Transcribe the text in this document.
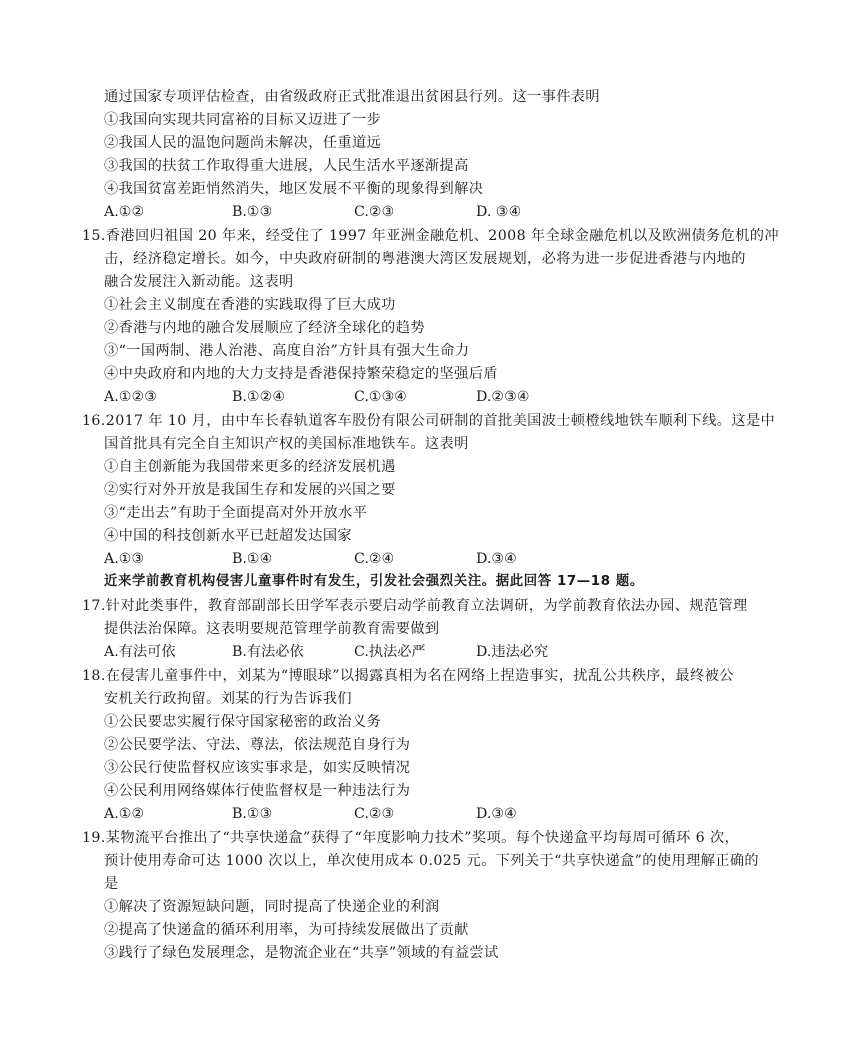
通过国家专项评估检查，由省级政府正式批准退出贫困县行列。这一事件表明
①我国向实现共同富裕的目标又迈进了一步
②我国人民的温饱问题尚未解决，任重道远
③我国的扶贫工作取得重大进展，人民生活水平逐渐提高
④我国贫富差距悄然消失，地区发展不平衡的现象得到解决
A.①②	B.①③	C.②③	D. ③④
15.香港回归祖国 20 年来，经受住了 1997 年亚洲金融危机、2008 年全球金融危机以及欧洲债务危机的冲
击，经济稳定增长。如今，中央政府研制的粤港澳大湾区发展规划，必将为进一步促进香港与内地的
融合发展注入新动能。这表明
①社会主义制度在香港的实践取得了巨大成功
②香港与内地的融合发展顺应了经济全球化的趋势
③“一国两制、港人治港、高度自治”方针具有强大生命力
④中央政府和内地的大力支持是香港保持繁荣稳定的坚强后盾
A.①②③	B.①②④	C.①③④	D.②③④
16.2017 年 10 月，由中车长春轨道客车股份有限公司研制的首批美国波士顿橙线地铁车顺利下线。这是中
国首批具有完全自主知识产权的美国标准地铁车。这表明
①自主创新能为我国带来更多的经济发展机遇
②实行对外开放是我国生存和发展的兴国之要
③“走出去”有助于全面提高对外开放水平
④中国的科技创新水平已赶超发达国家
A.①③	B.①④	C.②④	D.③④
近来学前教育机构侵害儿童事件时有发生，引发社会强烈关注。据此回答 17—18 题。
17.针对此类事件，教育部副部长田学军表示要启动学前教育立法调研，为学前教育依法办园、规范管理
提供法治保障。这表明要规范管理学前教育需要做到
A.有法可依	B.有法必依	C.执法必严	D.违法必究
18.在侵害儿童事件中，刘某为“博眼球”以揭露真相为名在网络上捏造事实，扰乱公共秩序，最终被公
安机关行政拘留。刘某的行为告诉我们
①公民要忠实履行保守国家秘密的政治义务
②公民要学法、守法、尊法，依法规范自身行为
③公民行使监督权应该实事求是，如实反映情况
④公民利用网络媒体行使监督权是一种违法行为
A.①②	B.①③	C.②③	D.③④
19.某物流平台推出了“共享快递盒”获得了“年度影响力技术”奖项。每个快递盒平均每周可循环 6 次，
预计使用寿命可达 1000 次以上，单次使用成本 0.025 元。下列关于“共享快递盒”的使用理解正确的
是
①解决了资源短缺问题，同时提高了快递企业的利润
②提高了快递盒的循环利用率，为可持续发展做出了贡献
③践行了绿色发展理念，是物流企业在“共享”领域的有益尝试
